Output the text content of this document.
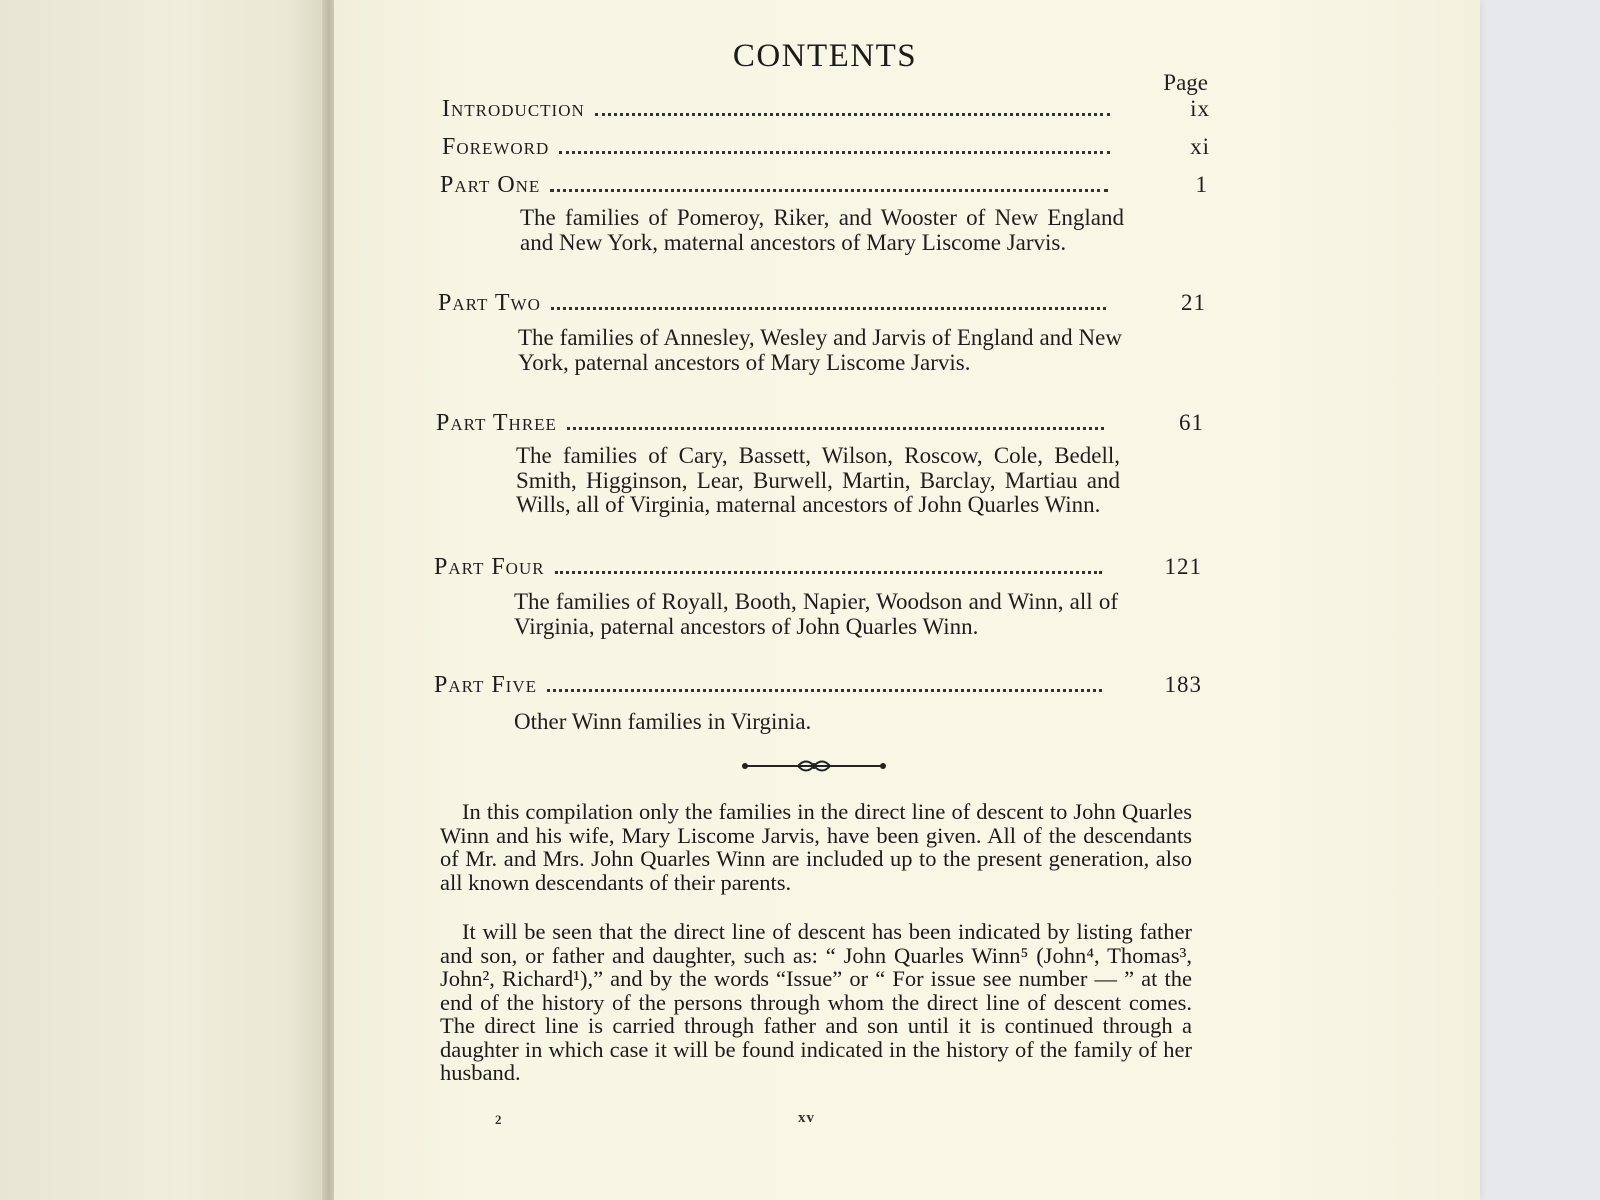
CONTENTS
Page
Introduction	ix
Foreword	xi
Part One	1
The families of Pomeroy, Riker, and Wooster of New England and New York, maternal ancestors of Mary Liscome Jarvis.
Part Two	21
The families of Annesley, Wesley and Jarvis of England and New York, paternal ancestors of Mary Liscome Jarvis.
Part Three	61
The families of Cary, Bassett, Wilson, Roscow, Cole, Bedell, Smith, Higginson, Lear, Burwell, Martin, Barclay, Martiau and Wills, all of Virginia, maternal ancestors of John Quarles Winn.
Part Four	121
The families of Royall, Booth, Napier, Woodson and Winn, all of Virginia, paternal ancestors of John Quarles Winn.
Part Five	183
Other Winn families in Virginia.
In this compilation only the families in the direct line of descent to John Quarles Winn and his wife, Mary Liscome Jarvis, have been given. All of the descendants of Mr. and Mrs. John Quarles Winn are included up to the present generation, also all known descendants of their parents.
It will be seen that the direct line of descent has been indicated by listing father and son, or father and daughter, such as: “ John Quarles Winn⁵ (John⁴, Thomas³, John², Richard¹),” and by the words “Issue” or “ For issue see number — ” at the end of the history of the persons through whom the direct line of descent comes. The direct line is carried through father and son until it is continued through a daughter in which case it will be found indicated in the history of the family of her husband.
2	xv
